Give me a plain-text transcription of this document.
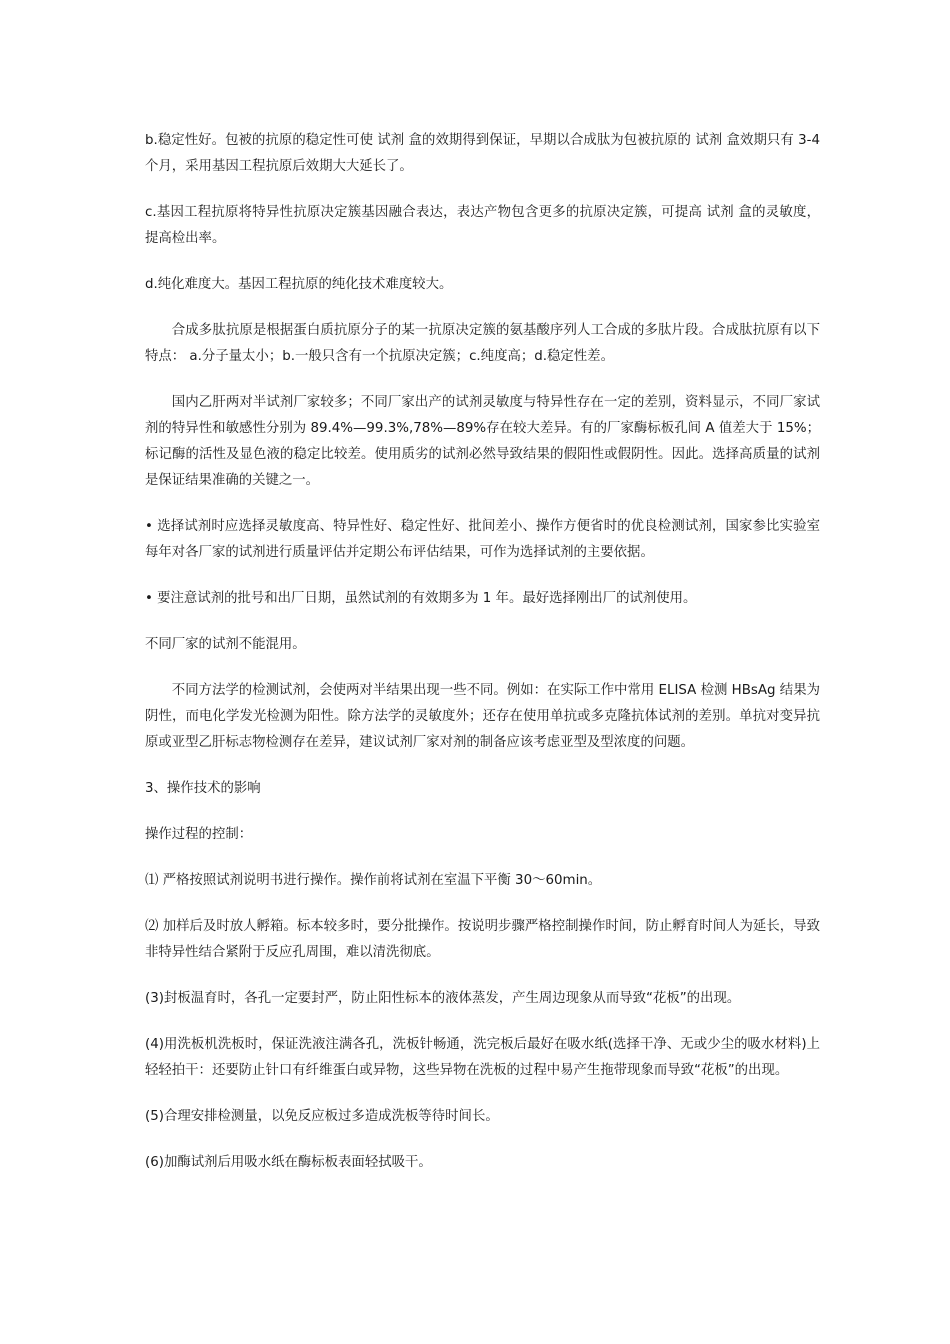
b.稳定性好。包被的抗原的稳定性可使 试剂 盒的效期得到保证，早期以合成肽为包被抗原的 试剂 盒效期只有 3-4 个月，采用基因工程抗原后效期大大延长了。

c.基因工程抗原将特异性抗原决定簇基因融合表达，表达产物包含更多的抗原决定簇，可提高 试剂 盒的灵敏度，提高检出率。

d.纯化难度大。基因工程抗原的纯化技术难度较大。

合成多肽抗原是根据蛋白质抗原分子的某一抗原决定簇的氨基酸序列人工合成的多肽片段。合成肽抗原有以下特点： a.分子量太小；b.一般只含有一个抗原决定簇；c.纯度高；d.稳定性差。

国内乙肝两对半试剂厂家较多；不同厂家出产的试剂灵敏度与特异性存在一定的差别，资料显示，不同厂家试剂的特异性和敏感性分别为 89.4%—99.3%,78%—89%存在较大差异。有的厂家酶标板孔间 A 值差大于 15%；标记酶的活性及显色液的稳定比较差。使用质劣的试剂必然导致结果的假阳性或假阴性。因此。选择高质量的试剂是保证结果准确的关键之一。

• 选择试剂时应选择灵敏度高、特异性好、稳定性好、批间差小、操作方便省时的优良检测试剂，国家参比实验室每年对各厂家的试剂进行质量评估并定期公布评估结果，可作为选择试剂的主要依据。

• 要注意试剂的批号和出厂日期，虽然试剂的有效期多为 1 年。最好选择刚出厂的试剂使用。

不同厂家的试剂不能混用。

不同方法学的检测试剂，会使两对半结果出现一些不同。例如：在实际工作中常用 ELISA 检测 HBsAg 结果为阴性，而电化学发光检测为阳性。除方法学的灵敏度外；还存在使用单抗或多克隆抗体试剂的差别。单抗对变异抗原或亚型乙肝标志物检测存在差异，建议试剂厂家对剂的制备应该考虑亚型及型浓度的问题。

3、操作技术的影响

操作过程的控制：

⑴ 严格按照试剂说明书进行操作。操作前将试剂在室温下平衡 30～60min。

⑵ 加样后及时放人孵箱。标本较多时，要分批操作。按说明步骤严格控制操作时间，防止孵育时间人为延长，导致非特异性结合紧附于反应孔周围，难以清洗彻底。

(3)封板温育时，各孔一定要封严，防止阳性标本的液体蒸发，产生周边现象从而导致“花板”的出现。

(4)用洗板机洗板时，保证洗液注满各孔，洗板针畅通，洗完板后最好在吸水纸(选择干净、无或少尘的吸水材料)上轻轻拍干：还要防止针口有纤维蛋白或异物，这些异物在洗板的过程中易产生拖带现象而导致“花板”的出现。

(5)合理安排检测量，以免反应板过多造成洗板等待时间长。

(6)加酶试剂后用吸水纸在酶标板表面轻拭吸干。
